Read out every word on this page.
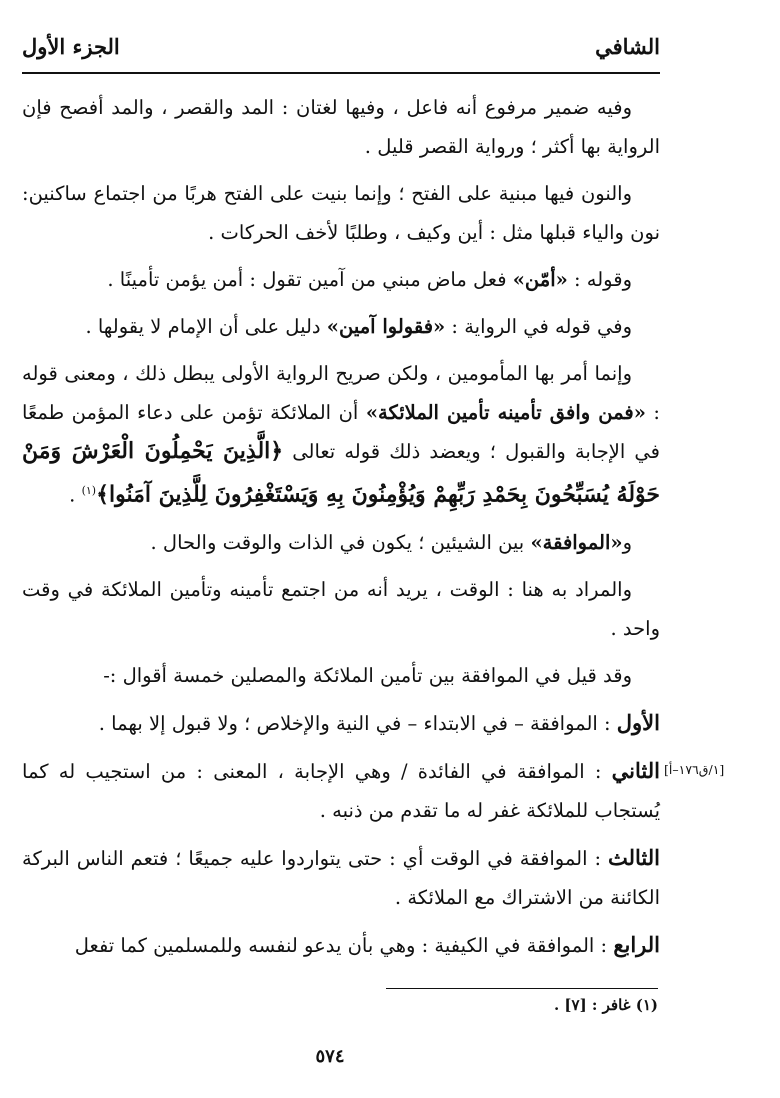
الشافي
الجزء الأول

وفيه ضمير مرفوع أنه فاعل ، وفيها لغتان : المد والقصر ، والمد أفصح فإن الرواية بها أكثر ؛ ورواية القصر قليل .

والنون فيها مبنية على الفتح ؛ وإنما بنيت على الفتح هربًا من اجتماع ساكنين: نون والياء قبلها مثل : أين وكيف ، وطلبًا لأخف الحركات .

وقوله : «أمّن» فعل ماض مبني من آمين تقول : أمن يؤمن تأمينًا .

وفي قوله في الرواية : «فقولوا آمين» دليل على أن الإمام لا يقولها .

وإنما أمر بها المأمومين ، ولكن صريح الرواية الأولى يبطل ذلك ، ومعنى قوله : «فمن وافق تأمينه تأمين الملائكة» أن الملائكة تؤمن على دعاء المؤمن طمعًا في الإجابة والقبول ؛ ويعضد ذلك قوله تعالى ﴿الَّذِينَ يَحْمِلُونَ الْعَرْشَ وَمَنْ حَوْلَهُ يُسَبِّحُونَ بِحَمْدِ رَبِّهِمْ وَيُؤْمِنُونَ بِهِ وَيَسْتَغْفِرُونَ لِلَّذِينَ آمَنُوا﴾$^{(١)}$ .

و«الموافقة» بين الشيئين ؛ يكون في الذات والوقت والحال .

والمراد به هنا : الوقت ، يريد أنه من اجتمع تأمينه وتأمين الملائكة في وقت واحد .

وقد قيل في الموافقة بين تأمين الملائكة والمصلين خمسة أقوال :-

الأول : الموافقة – في الابتداء – في النية والإخلاص ؛ ولا قبول إلا بهما .

الثاني : الموافقة في الفائدة / وهي الإجابة ، المعنى : من استجيب له كما يُستجاب للملائكة غفر له ما تقدم من ذنبه .

الثالث : الموافقة في الوقت أي : حتى يتواردوا عليه جميعًا ؛ فتعم الناس البركة الكائنة من الاشتراك مع الملائكة .

الرابع : الموافقة في الكيفية : وهي بأن يدعو لنفسه وللمسلمين كما تفعل

[١/ق١٧٦–أ]
(١) غافر : [٧] .
٥٧٤
